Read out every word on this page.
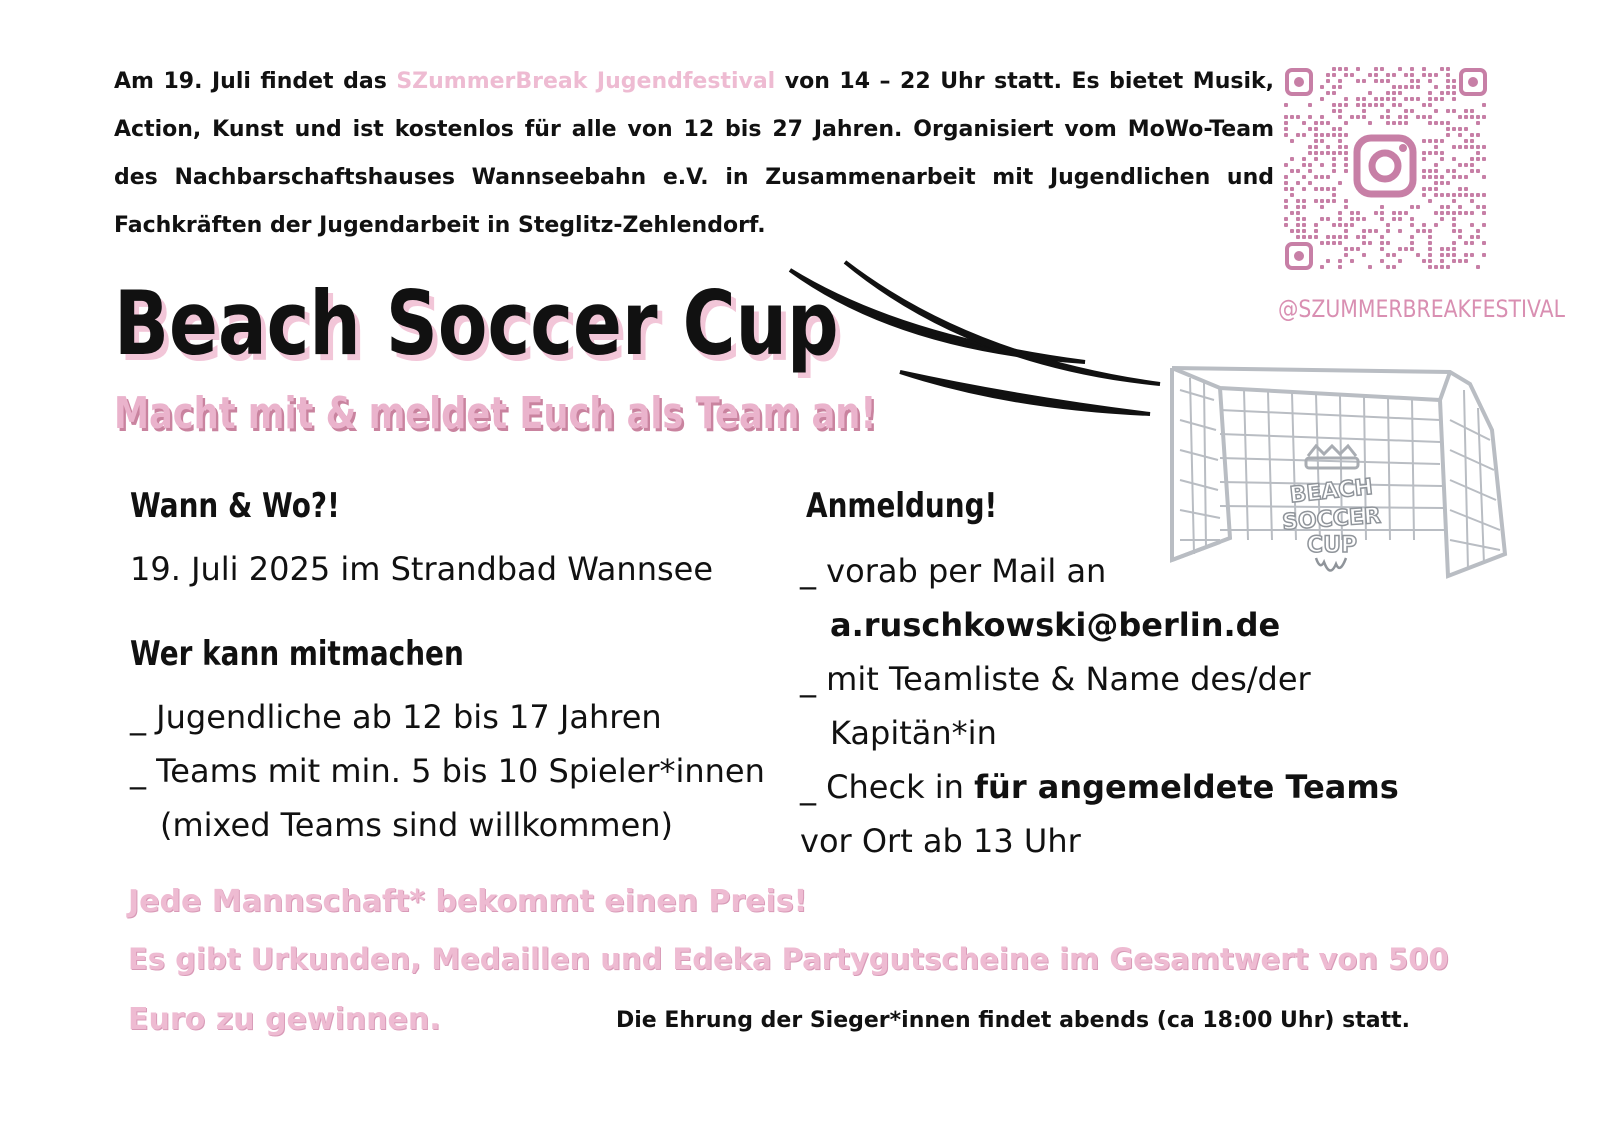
Am 19. Juli findet das SZummerBreak Jugendfestival von 14 – 22 Uhr statt. Es bietet Musik, Action, Kunst und ist kostenlos für alle von 12 bis 27 Jahren. Organisiert vom MoWo-Team des Nachbarschaftshauses Wannseebahn e.V. in Zusammenarbeit mit Jugendlichen und Fachkräften der Jugendarbeit in Steglitz-Zehlendorf.
@SZUMMERBREAKFESTIVAL
Beach Soccer Cup
Macht mit & meldet Euch als Team an!
BEACH
SOCCER
CUP
Wann & Wo?!
19. Juli 2025 im Strandbad Wannsee
Wer kann mitmachen
_ Jugendliche ab 12 bis 17 Jahren
_ Teams mit min. 5 bis 10 Spieler*innen
(mixed Teams sind willkommen)
Anmeldung!
_ vorab per Mail an
a.ruschkowski@berlin.de
_ mit Teamliste & Name des/der
Kapitän*in
_ Check in für angemeldete Teams
vor Ort ab 13 Uhr
Jede Mannschaft* bekommt einen Preis!
Es gibt Urkunden, Medaillen und Edeka Partygutscheine im Gesamtwert von 500
Euro zu gewinnen.	Die Ehrung der Sieger*innen findet abends (ca 18:00 Uhr) statt.
